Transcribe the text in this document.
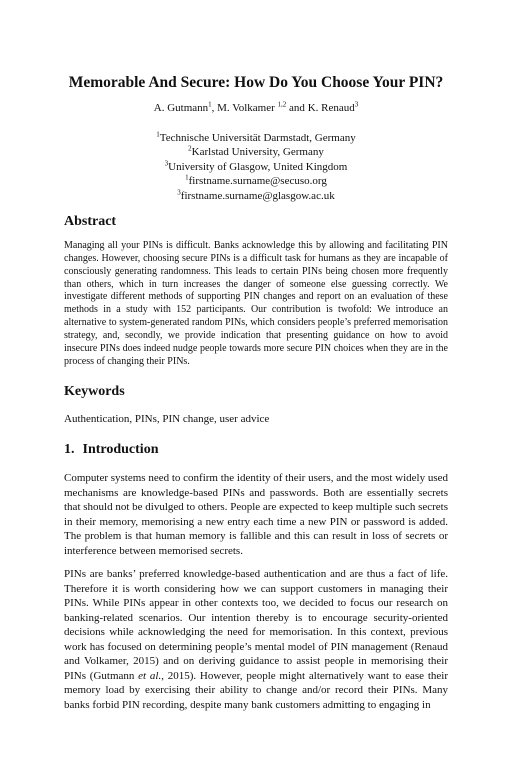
Memorable And Secure: How Do You Choose Your PIN?
A. Gutmann$^1$, M. Volkamer $^{1,2}$ and K. Renaud$^3$
$^1$Technische Universität Darmstadt, Germany
$^2$Karlstad University, Germany
$^3$University of Glasgow, United Kingdom
$^1$firstname.surname@secuso.org
$^3$firstname.surname@glasgow.ac.uk
Abstract

Managing all your PINs is difficult. Banks acknowledge this by allowing and facilitating PIN changes. However, choosing secure PINs is a difficult task for humans as they are incapable of consciously generating randomness. This leads to certain PINs being chosen more frequently than others, which in turn increases the danger of someone else guessing correctly. We investigate different methods of supporting PIN changes and report on an evaluation of these methods in a study with 152 participants. Our contribution is twofold: We introduce an alternative to system-generated random PINs, which considers people’s preferred memorisation strategy, and, secondly, we provide indication that presenting guidance on how to avoid insecure PINs does indeed nudge people towards more secure PIN choices when they are in the process of changing their PINs.

Keywords

Authentication, PINs, PIN change, user advice

1. Introduction

Computer systems need to confirm the identity of their users, and the most widely used mechanisms are knowledge-based PINs and passwords. Both are essentially secrets that should not be divulged to others. People are expected to keep multiple such secrets in their memory, memorising a new entry each time a new PIN or password is added. The problem is that human memory is fallible and this can result in loss of secrets or interference between memorised secrets.

PINs are banks’ preferred knowledge-based authentication and are thus a fact of life. Therefore it is worth considering how we can support customers in managing their PINs. While PINs appear in other contexts too, we decided to focus our research on banking-related scenarios. Our intention thereby is to encourage security-oriented decisions while acknowledging the need for memorisation. In this context, previous work has focused on determining people’s mental model of PIN management (Renaud and Volkamer, 2015) and on deriving guidance to assist people in memorising their PINs (Gutmann et al., 2015). However, people might alternatively want to ease their memory load by exercising their ability to change and/or record their PINs. Many banks forbid PIN recording, despite many bank customers admitting to engaging in
